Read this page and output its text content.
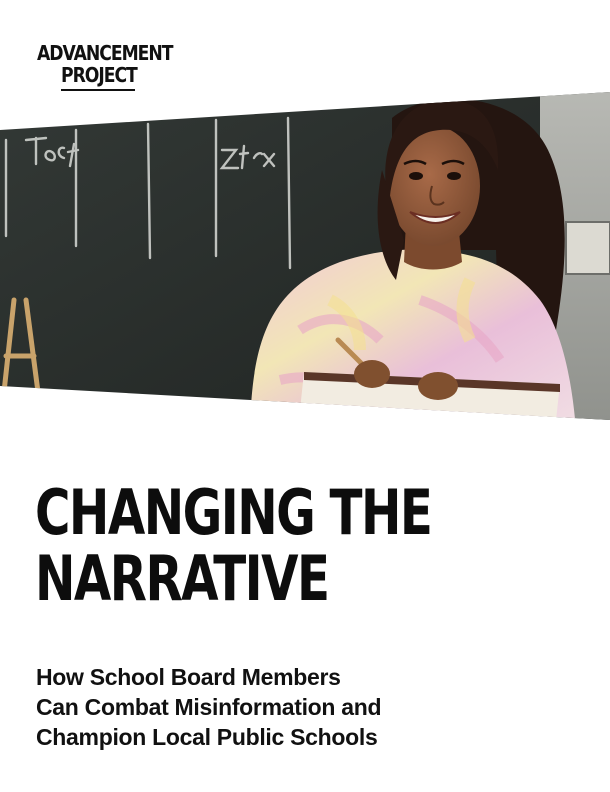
ADVANCEMENT
PROJECT
CHANGING THE
NARRATIVE
How School Board Members
Can Combat Misinformation and
Champion Local Public Schools
